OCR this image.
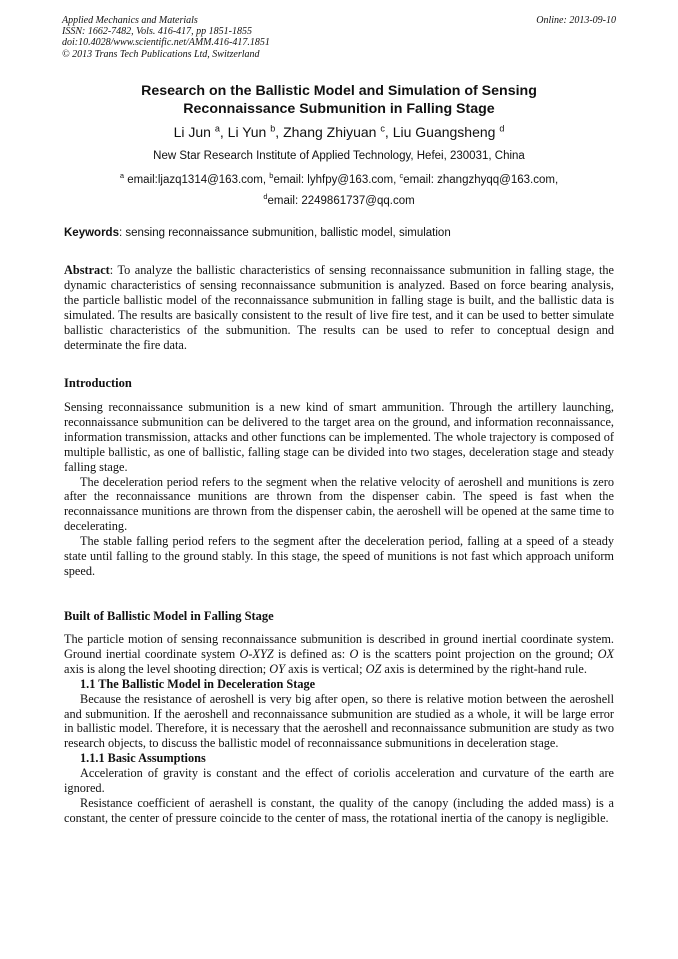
Applied Mechanics and Materials
ISSN: 1662-7482, Vols. 416-417, pp 1851-1855
doi:10.4028/www.scientific.net/AMM.416-417.1851
© 2013 Trans Tech Publications Ltd, Switzerland
Online: 2013-09-10
Research on the Ballistic Model and Simulation of Sensing
Reconnaissance Submunition in Falling Stage
Li Jun $^a$, Li Yun $^b$, Zhang Zhiyuan $^c$, Liu Guangsheng $^d$
New Star Research Institute of Applied Technology, Hefei, 230031, China
$^a$ email:ljazq1314@163.com, $^b$email: lyhfpy@163.com, $^c$email: zhangzhyqq@163.com,
$^d$email: 2249861737@qq.com
Keywords: sensing reconnaissance submunition, ballistic model, simulation
Abstract: To analyze the ballistic characteristics of sensing reconnaissance submunition in falling stage, the dynamic characteristics of sensing reconnaissance submunition is analyzed. Based on force bearing analysis, the particle ballistic model of the reconnaissance submunition in falling stage is built, and the ballistic data is simulated. The results are basically consistent to the result of live fire test, and it can be used to better simulate ballistic characteristics of the submunition. The results can be used to refer to conceptual design and determinate the fire data.
Introduction

Sensing reconnaissance submunition is a new kind of smart ammunition. Through the artillery launching, reconnaissance submunition can be delivered to the target area on the ground, and information reconnaissance, information transmission, attacks and other functions can be implemented. The whole trajectory is composed of multiple ballistic, as one of ballistic, falling stage can be divided into two stages, deceleration stage and steady falling stage.

The deceleration period refers to the segment when the relative velocity of aeroshell and munitions is zero after the reconnaissance munitions are thrown from the dispenser cabin. The speed is fast when the reconnaissance munitions are thrown from the dispenser cabin, the aeroshell will be opened at the same time to decelerating.

The stable falling period refers to the segment after the deceleration period, falling at a speed of a steady state until falling to the ground stably. In this stage, the speed of munitions is not fast which approach uniform speed.

Built of Ballistic Model in Falling Stage

The particle motion of sensing reconnaissance submunition is described in ground inertial coordinate system. Ground inertial coordinate system O-XYZ is defined as: O is the scatters point projection on the ground; OX axis is along the level shooting direction; OY axis is vertical; OZ axis is determined by the right-hand rule.

1.1 The Ballistic Model in Deceleration Stage

Because the resistance of aeroshell is very big after open, so there is relative motion between the aeroshell and submunition. If the aeroshell and reconnaissance submunition are studied as a whole, it will be large error in ballistic model. Therefore, it is necessary that the aeroshell and reconnaissance submunition are study as two research objects, to discuss the ballistic model of reconnaissance submunitions in deceleration stage.

1.1.1 Basic Assumptions

Acceleration of gravity is constant and the effect of coriolis acceleration and curvature of the earth are ignored.

Resistance coefficient of aerashell is constant, the quality of the canopy (including the added mass) is a constant, the center of pressure coincide to the center of mass, the rotational inertia of the canopy is negligible.
